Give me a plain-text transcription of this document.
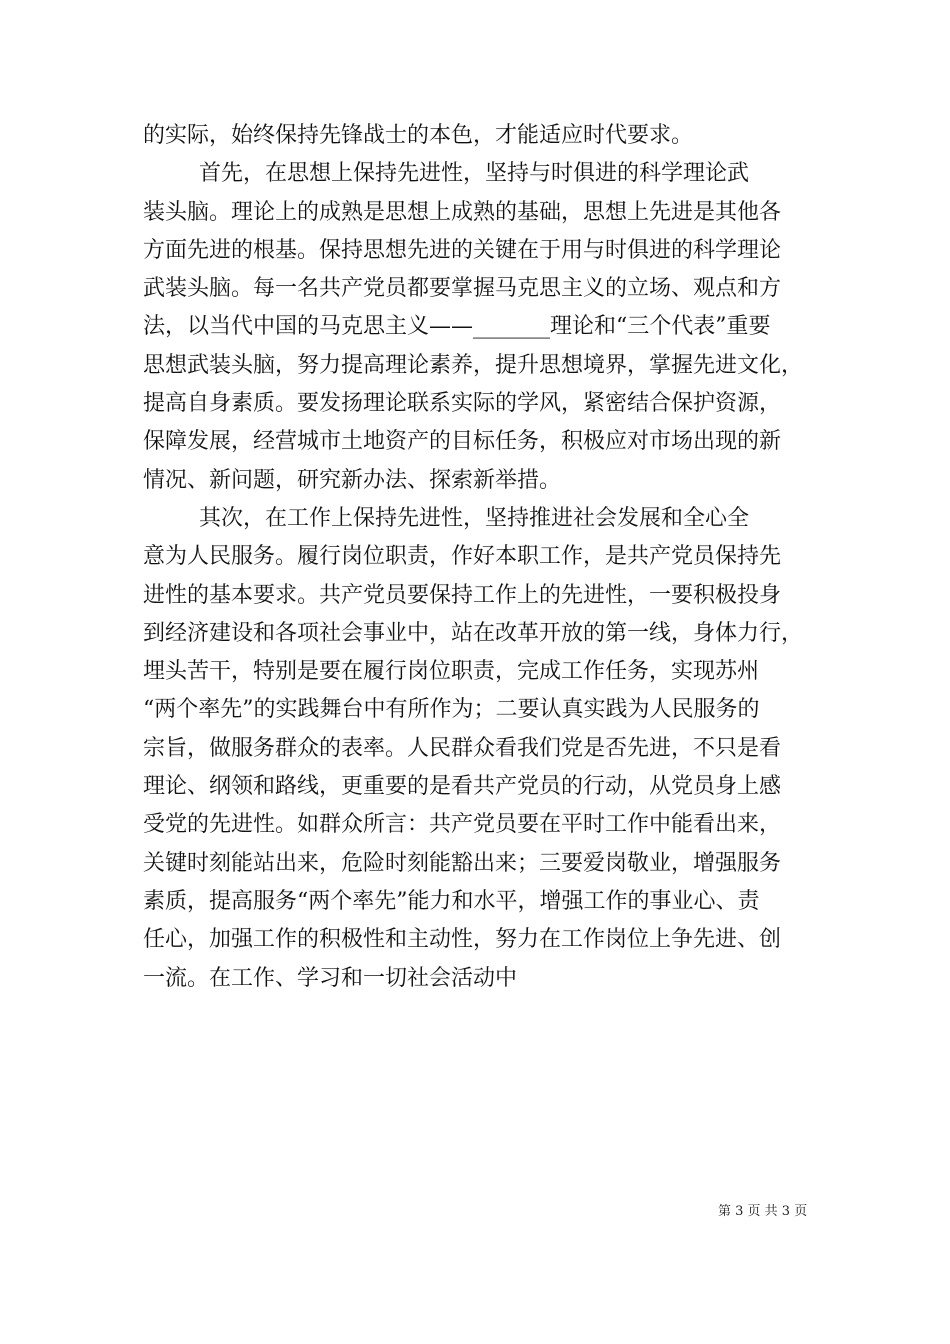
的实际，始终保持先锋战士的本色，才能适应时代要求。
首先，在思想上保持先进性，坚持与时俱进的科学理论武
装头脑。理论上的成熟是思想上成熟的基础，思想上先进是其他各
方面先进的根基。保持思想先进的关键在于用与时俱进的科学理论
武装头脑。每一名共产党员都要掌握马克思主义的立场、观点和方
法，以当代中国的马克思主义——_______理论和“三个代表”重要
思想武装头脑，努力提高理论素养，提升思想境界，掌握先进文化，
提高自身素质。要发扬理论联系实际的学风，紧密结合保护资源，
保障发展，经营城市土地资产的目标任务，积极应对市场出现的新
情况、新问题，研究新办法、探索新举措。
其次，在工作上保持先进性，坚持推进社会发展和全心全
意为人民服务。履行岗位职责，作好本职工作，是共产党员保持先
进性的基本要求。共产党员要保持工作上的先进性，一要积极投身
到经济建设和各项社会事业中，站在改革开放的第一线，身体力行，
埋头苦干，特别是要在履行岗位职责，完成工作任务，实现苏州
“两个率先”的实践舞台中有所作为；二要认真实践为人民服务的
宗旨，做服务群众的表率。人民群众看我们党是否先进，不只是看
理论、纲领和路线，更重要的是看共产党员的行动，从党员身上感
受党的先进性。如群众所言：共产党员要在平时工作中能看出来，
关键时刻能站出来，危险时刻能豁出来；三要爱岗敬业，增强服务
素质，提高服务“两个率先”能力和水平，增强工作的事业心、责
任心，加强工作的积极性和主动性，努力在工作岗位上争先进、创
一流。在工作、学习和一切社会活动中
第 3 页 共 3 页
